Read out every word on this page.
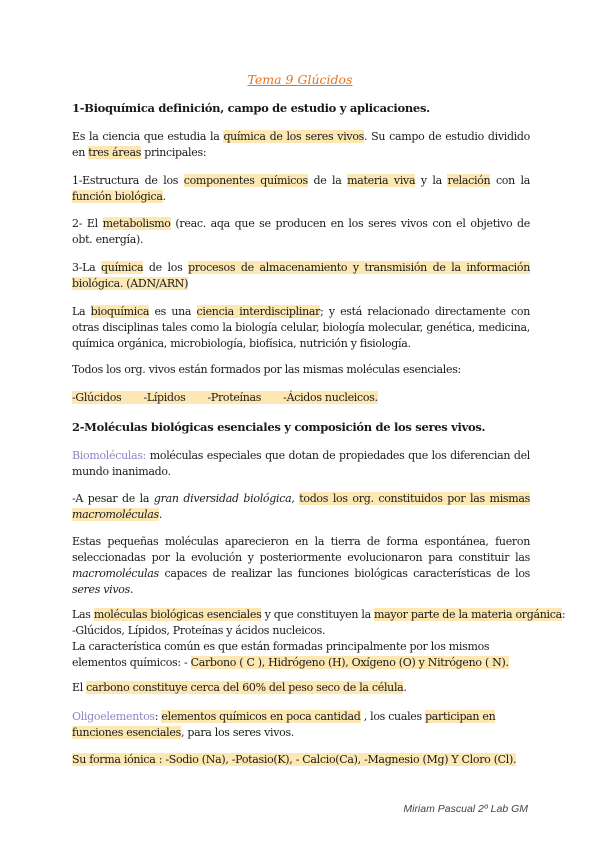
Tema 9 Glúcidos
1-Bioquímica definición, campo de estudio y aplicaciones.
Es la ciencia que estudia la química de los seres vivos. Su campo de estudio dividido en tres áreas principales:
1-Estructura de los componentes químicos de la materia viva y la relación con la función biológica.
2- El metabolismo (reac. aqa que se producen en los seres vivos con el objetivo de obt. energía).
3-La química de los procesos de almacenamiento y transmisión de la información biológica. (ADN/ARN)
La bioquímica es una ciencia interdisciplinar; y está relacionado directamente con otras disciplinas tales como la biología celular, biología molecular, genética, medicina, química orgánica, microbiología, biofísica, nutrición y fisiología.
Todos los org. vivos están formados por las mismas moléculas esenciales:
-Glúcidos -Lípidos -Proteínas -Ácidos nucleicos.
2-Moléculas biológicas esenciales y composición de los seres vivos.
Biomoléculas: moléculas especiales que dotan de propiedades que los diferencian del mundo inanimado.
-A pesar de la gran diversidad biológica, todos los org. constituidos por las mismas macromoléculas.
Estas pequeñas moléculas aparecieron en la tierra de forma espontánea, fueron seleccionadas por la evolución y posteriormente evolucionaron para constituir las macromoléculas capaces de realizar las funciones biológicas características de los seres vivos.
Las moléculas biológicas esenciales y que constituyen la mayor parte de la materia orgánica:
-Glúcidos, Lípidos, Proteínas y ácidos nucleicos.
La característica común es que están formadas principalmente por los mismos elementos químicos: - Carbono ( C ), Hidrógeno (H), Oxígeno (O) y Nitrógeno ( N).
El carbono constituye cerca del 60% del peso seco de la célula.
Oligoelementos: elementos químicos en poca cantidad , los cuales participan en funciones esenciales, para los seres vivos.
Su forma iónica : -Sodio (Na), -Potasio(K), - Calcio(Ca), -Magnesio (Mg) Y Cloro (Cl).
Miriam Pascual 2º Lab GM
